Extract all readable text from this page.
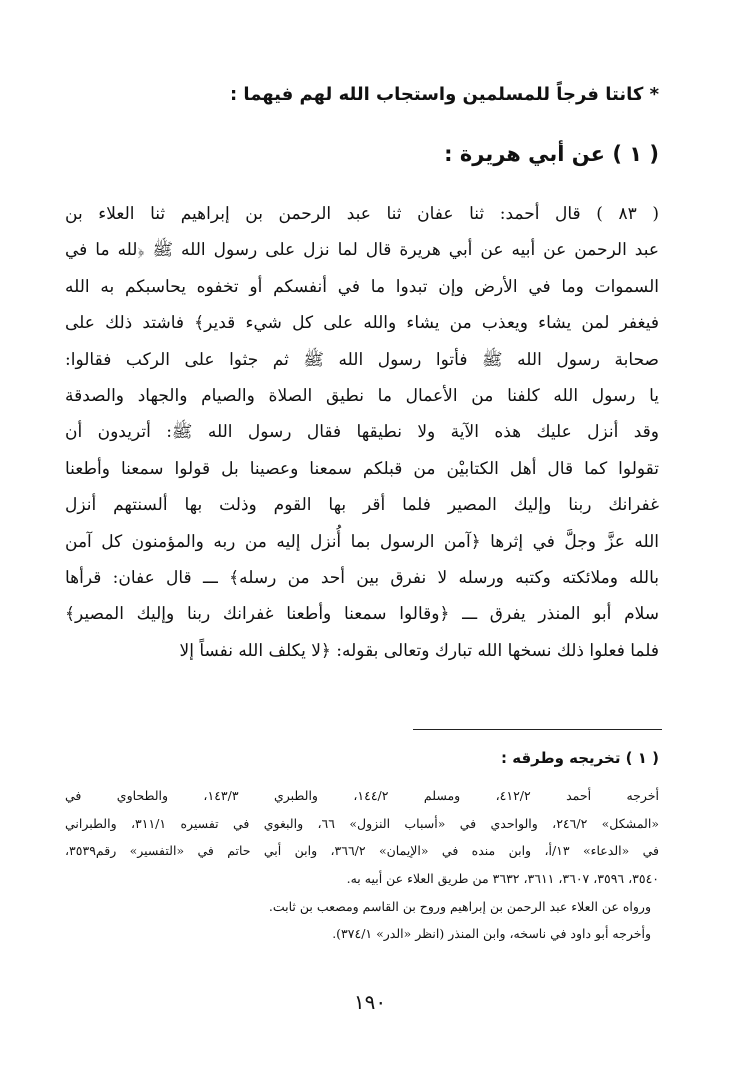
* كانتا فرجاً للمسلمين واستجاب الله لهم فيهما :
( ١ ) عن أبي هريرة :
( ٨٣ ) قال أحمد: ثنا عفان ثنا عبد الرحمن بن إبراهيم ثنا العلاء بن
عبد الرحمن عن أبيه عن أبي هريرة قال لما نزل على رسول الله ﷺ ﴿لله ما في
السموات وما في الأرض وإن تبدوا ما في أنفسكم أو تخفوه يحاسبكم به الله
فيغفر لمن يشاء ويعذب من يشاء والله على كل شيء قدير﴾ فاشتد ذلك على
صحابة رسول الله ﷺ فأتوا رسول الله ﷺ ثم جثوا على الركب فقالوا:
يا رسول الله كلفنا من الأعمال ما نطيق الصلاة والصيام والجهاد والصدقة
وقد أنزل عليك هذه الآية ولا نطيقها فقال رسول الله ﷺ: أتريدون أن
تقولوا كما قال أهل الكتابيْن من قبلكم سمعنا وعصينا بل قولوا سمعنا وأطعنا
غفرانك ربنا وإليك المصير فلما أقر بها القوم وذلت بها ألسنتهم أنزل
الله عزَّ وجلَّ في إثرها ﴿آمن الرسول بما أُنزل إليه من ربه والمؤمنون كل آمن
بالله وملائكته وكتبه ورسله لا نفرق بين أحد من رسله﴾ ـــ قال عفان: قرأها
سلام أبو المنذر يفرق ـــ ﴿وقالوا سمعنا وأطعنا غفرانك ربنا وإليك المصير﴾
فلما فعلوا ذلك نسخها الله تبارك وتعالى بقوله: ﴿لا يكلف الله نفساً إلا
( ١ ) تخريجه وطرقه :
أخرجه أحمد ٤١٢/٢، ومسلم ١٤٤/٢، والطبري ١٤٣/٣، والطحاوي في
«المشكل» ٢٤٦/٢، والواحدي في «أسباب النزول» ٦٦، والبغوي في تفسيره ٣١١/١، والطبراني
في «الدعاء» ١٣/أ، وابن منده في «الإيمان» ٣٦٦/٢، وابن أبي حاتم في «التفسير» رقم٣٥٣٩،
٣٥٤٠، ٣٥٩٦، ٣٦٠٧، ٣٦١١، ٣٦٣٢ من طريق العلاء عن أبيه به.
ورواه عن العلاء عبد الرحمن بن إبراهيم وروح بن القاسم ومصعب بن ثابت.
وأخرجه أبو داود في ناسخه، وابن المنذر (انظر «الدر» ٣٧٤/١).
١٩٠
